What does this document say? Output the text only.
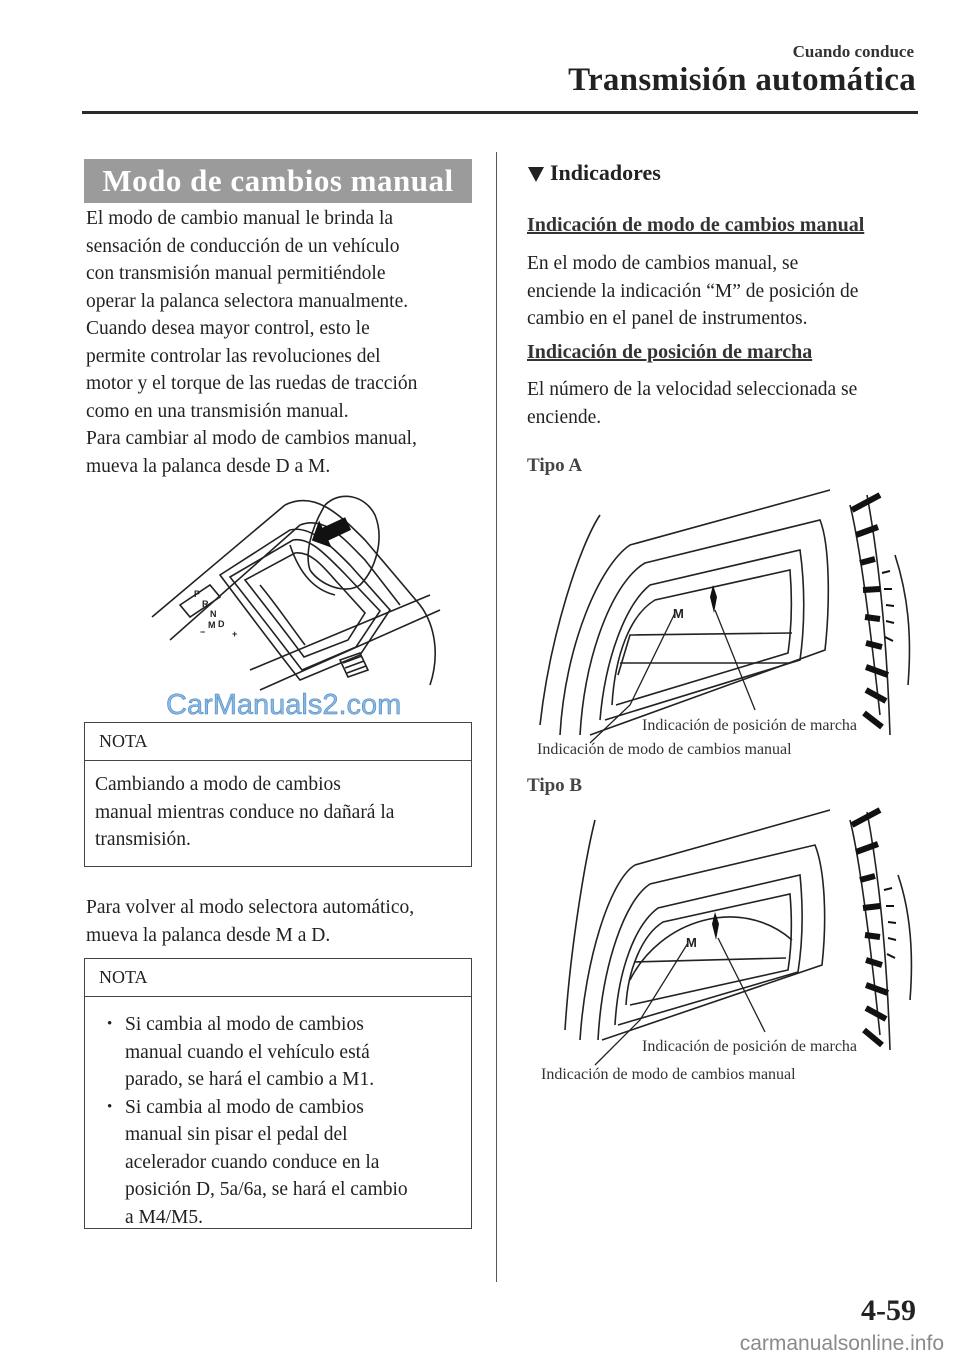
Cuando conduce
Transmisión automática
Modo de cambios manual
El modo de cambio manual le brinda la
sensación de conducción de un vehículo
con transmisión manual permitiéndole
operar la palanca selectora manualmente.
Cuando desea mayor control, esto le
permite controlar las revoluciones del
motor y el torque de las ruedas de tracción
como en una transmisión manual.
Para cambiar al modo de cambios manual,
mueva la palanca desde D a M.
P
R
N
D
M
+
−
CarManuals2.com
NOTA
Cambiando a modo de cambios
manual mientras conduce no dañará la
transmisión.
Para volver al modo selectora automático,
mueva la palanca desde M a D.
NOTA
• Si cambia al modo de cambios
manual cuando el vehículo está
parado, se hará el cambio a M1.
• Si cambia al modo de cambios
manual sin pisar el pedal del
acelerador cuando conduce en la
posición D, 5a/6a, se hará el cambio
a M4/M5.
Indicadores
Indicación de modo de cambios manual
En el modo de cambios manual, se
enciende la indicación “M” de posición de
cambio en el panel de instrumentos.
Indicación de posición de marcha
El número de la velocidad seleccionada se
enciende.
Tipo A
M
Indicación de posición de marcha
Indicación de modo de cambios manual
Tipo B
M
Indicación de posición de marcha
Indicación de modo de cambios manual
4-59
carmanualsonline.info
